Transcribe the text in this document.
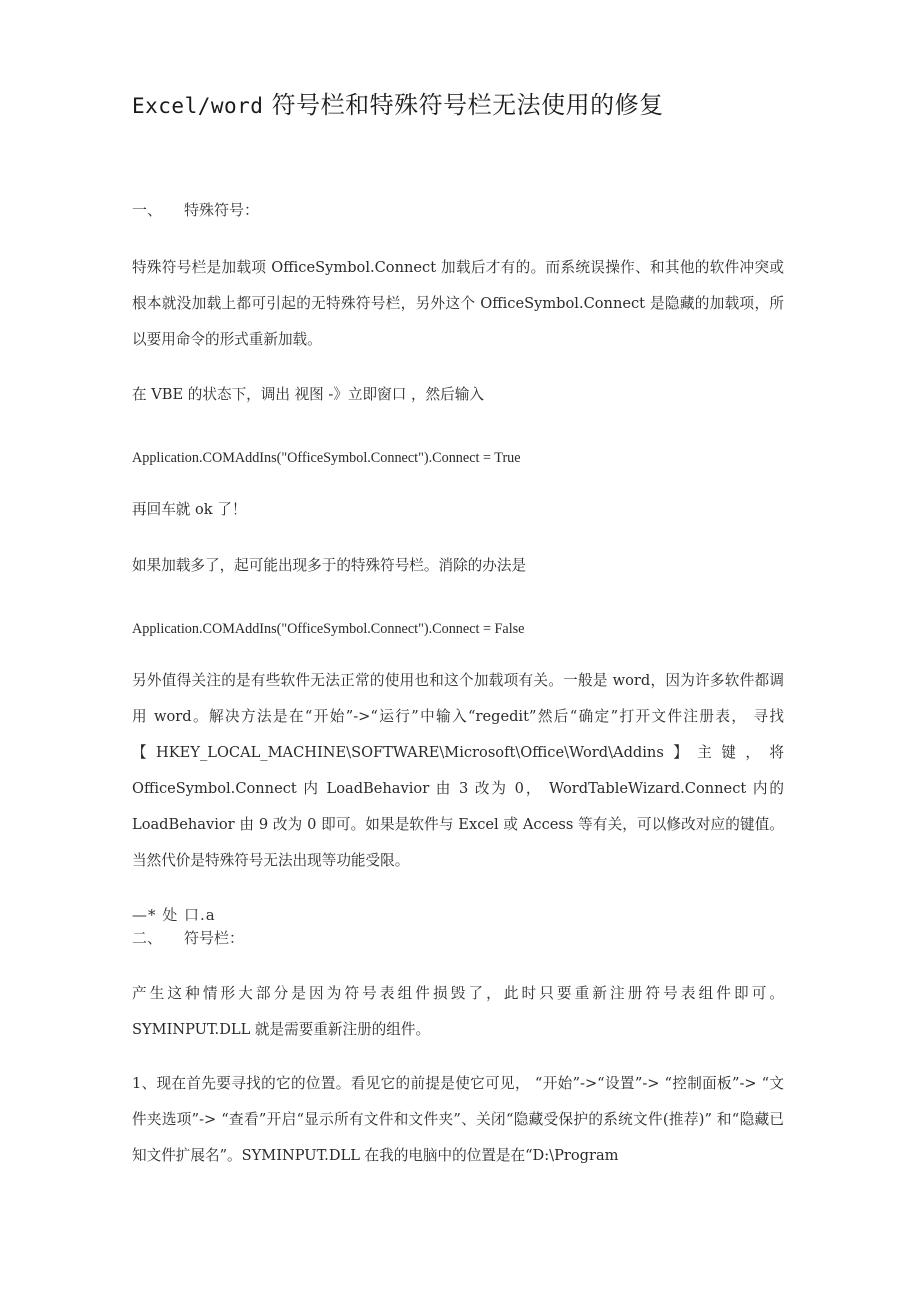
Excel/word 符号栏和特殊符号栏无法使用的修复
一、 特殊符号：
特殊符号栏是加载项 OfficeSymbol.Connect 加载后才有的。而系统误操作、和其他的软件冲突或根本就没加载上都可引起的无特殊符号栏，另外这个 OfficeSymbol.Connect 是隐藏的加载项，所以要用命令的形式重新加载。
在 VBE 的状态下，调出 视图 -》立即窗口 ，然后输入
Application.COMAddIns("OfficeSymbol.Connect").Connect = True
再回车就 ok 了！
如果加载多了，起可能出现多于的特殊符号栏。消除的办法是
Application.COMAddIns("OfficeSymbol.Connect").Connect = False
另外值得关注的是有些软件无法正常的使用也和这个加载项有关。一般是 word，因为许多软件都调用 word。解决方法是在“开始”->“运行”中输入“regedit”然后“确定”打开文件注册表， 寻找【HKEY_LOCAL_MACHINE\SOFTWARE\Microsoft\Office\Word\Addins】主键，将 OfficeSymbol.Connect 内 LoadBehavior 由 3 改为 0， WordTableWizard.Connect 内的 LoadBehavior 由 9 改为 0 即可。如果是软件与 Excel 或 Access 等有关，可以修改对应的键值。当然代价是特殊符号无法出现等功能受限。
—* 处 口.a
二、 符号栏：
产生这种情形大部分是因为符号表组件损毁了，此时只要重新注册符号表组件即可。SYMINPUT.DLL 就是需要重新注册的组件。
1、现在首先要寻找的它的位置。看见它的前提是使它可见， “开始”->“设置”-> “控制面板”-> “文件夹选项”-> “查看”开启“显示所有文件和文件夹”、关闭“隐藏受保护的系统文件(推荐)” 和“隐藏已知文件扩展名”。SYMINPUT.DLL 在我的电脑中的位置是在“D:\Program
